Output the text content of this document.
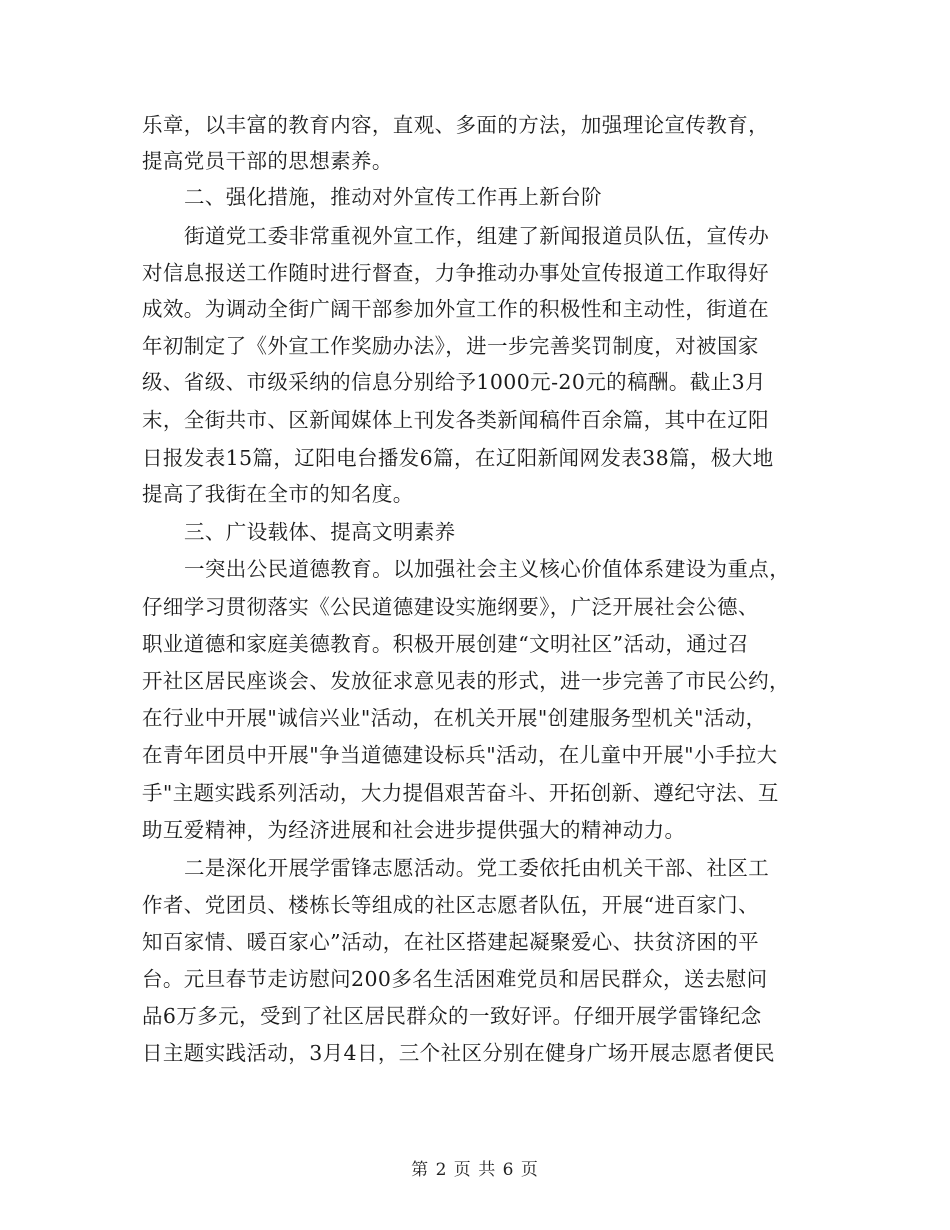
乐章，以丰富的教育内容，直观、多面的方法，加强理论宣传教育，
提高党员干部的思想素养。
二、强化措施，推动对外宣传工作再上新台阶
街道党工委非常重视外宣工作，组建了新闻报道员队伍，宣传办
对信息报送工作随时进行督查，力争推动办事处宣传报道工作取得好
成效。为调动全街广阔干部参加外宣工作的积极性和主动性，街道在
年初制定了《外宣工作奖励办法》，进一步完善奖罚制度，对被国家
级、省级、市级采纳的信息分别给予1000元-20元的稿酬。截止3月
末，全街共市、区新闻媒体上刊发各类新闻稿件百余篇，其中在辽阳
日报发表15篇，辽阳电台播发6篇，在辽阳新闻网发表38篇，极大地
提高了我街在全市的知名度。
三、广设载体、提高文明素养
一突出公民道德教育。以加强社会主义核心价值体系建设为重点，
仔细学习贯彻落实《公民道德建设实施纲要》，广泛开展社会公德、
职业道德和家庭美德教育。积极开展创建“文明社区”活动，通过召
开社区居民座谈会、发放征求意见表的形式，进一步完善了市民公约，
在行业中开展"诚信兴业"活动，在机关开展"创建服务型机关"活动，
在青年团员中开展"争当道德建设标兵"活动，在儿童中开展"小手拉大
手"主题实践系列活动，大力提倡艰苦奋斗、开拓创新、遵纪守法、互
助互爱精神，为经济进展和社会进步提供强大的精神动力。
二是深化开展学雷锋志愿活动。党工委依托由机关干部、社区工
作者、党团员、楼栋长等组成的社区志愿者队伍，开展“进百家门、
知百家情、暖百家心”活动，在社区搭建起凝聚爱心、扶贫济困的平
台。元旦春节走访慰问200多名生活困难党员和居民群众，送去慰问
品6万多元，受到了社区居民群众的一致好评。仔细开展学雷锋纪念
日主题实践活动，3月4日，三个社区分别在健身广场开展志愿者便民
第 2 页 共 6 页
